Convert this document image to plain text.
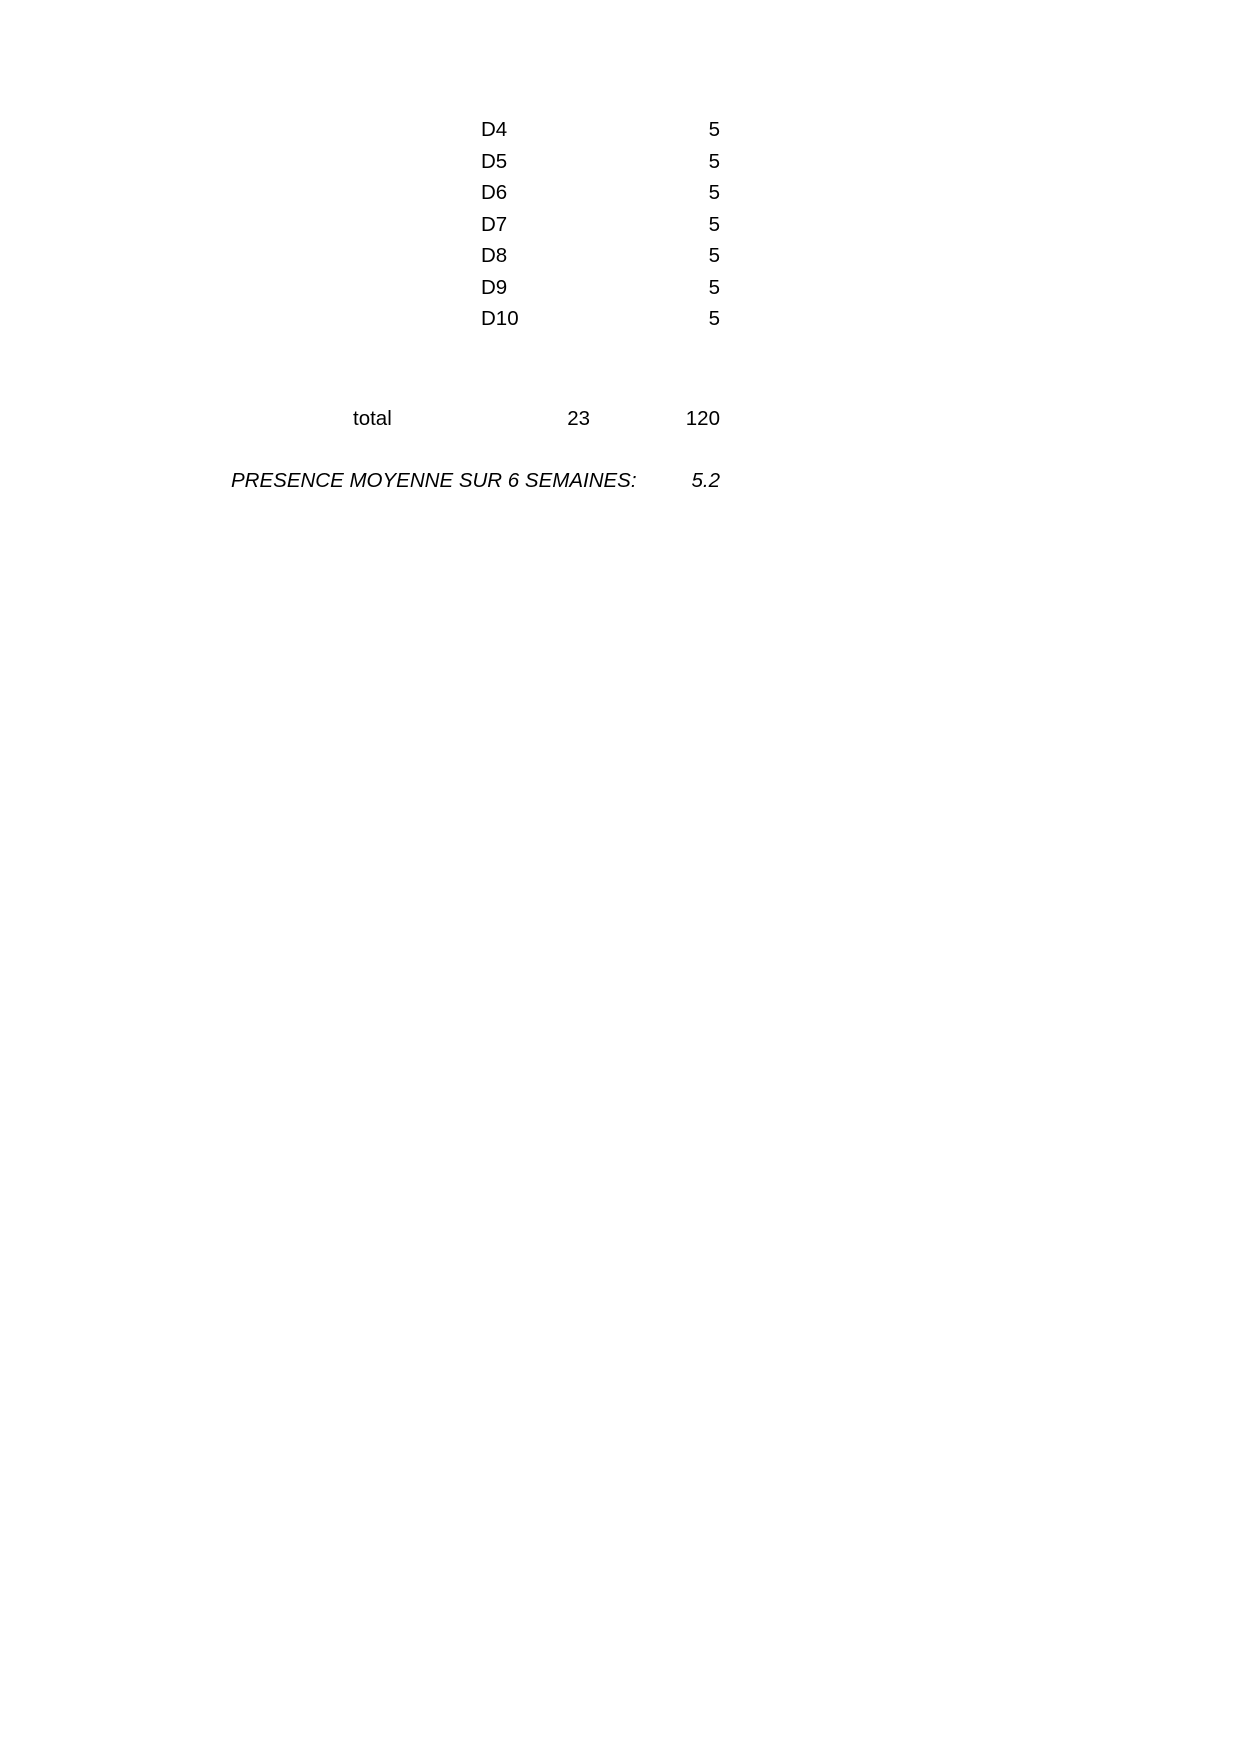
D4	5
D5	5
D6	5
D7	5
D8	5
D9	5
D10	5
total	23	120
PRESENCE MOYENNE SUR 6 SEMAINES:	5.2
